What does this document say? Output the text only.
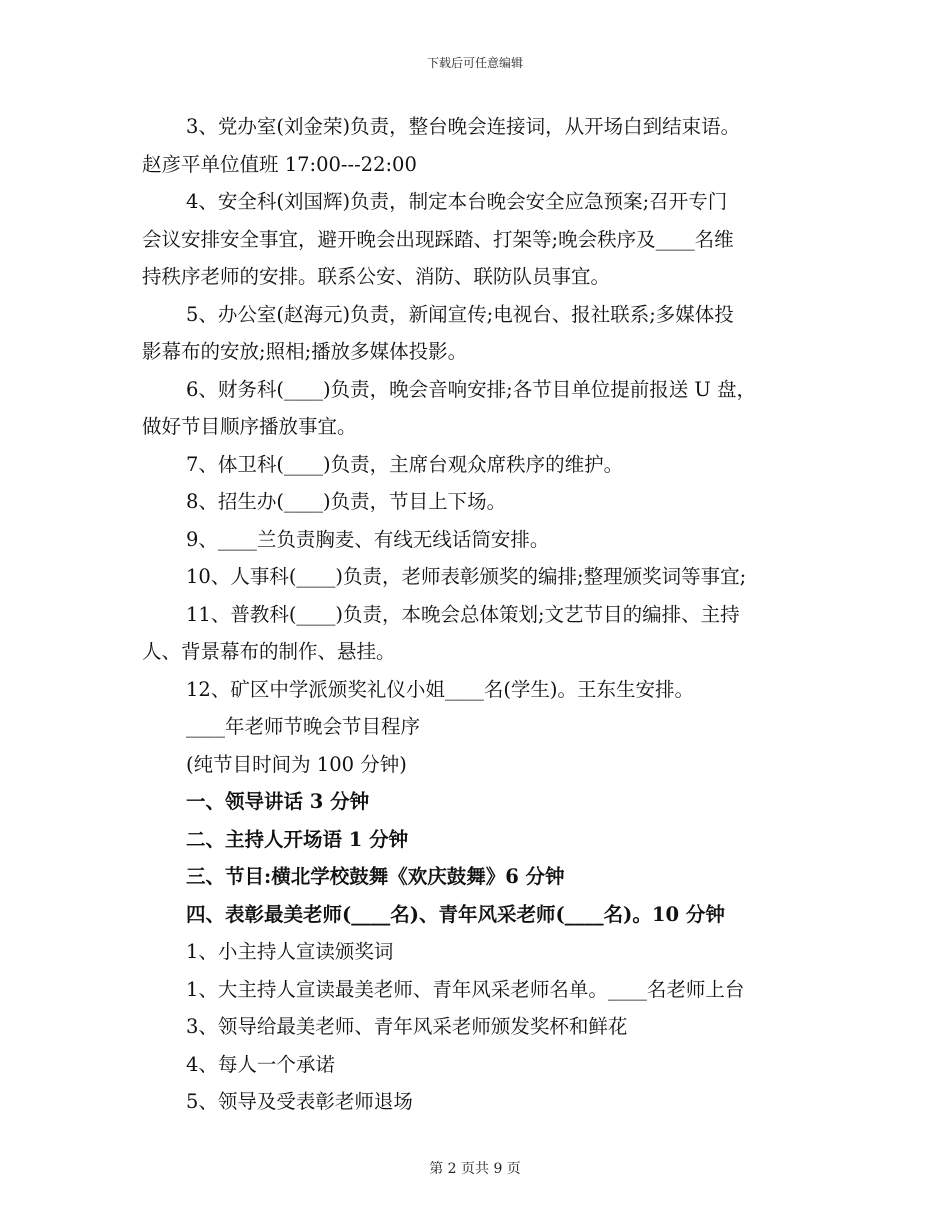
下载后可任意编辑
3、党办室(刘金荣)负责，整台晚会连接词，从开场白到结束语。
赵彦平单位值班 17:00---22:00
4、安全科(刘国辉)负责，制定本台晚会安全应急预案;召开专门
会议安排安全事宜，避开晚会出现踩踏、打架等;晚会秩序及____名维
持秩序老师的安排。联系公安、消防、联防队员事宜。
5、办公室(赵海元)负责，新闻宣传;电视台、报社联系;多媒体投
影幕布的安放;照相;播放多媒体投影。
6、财务科(____)负责，晚会音响安排;各节目单位提前报送 U 盘，
做好节目顺序播放事宜。
7、体卫科(____)负责，主席台观众席秩序的维护。
8、招生办(____)负责，节目上下场。
9、____兰负责胸麦、有线无线话筒安排。
10、人事科(____)负责，老师表彰颁奖的编排;整理颁奖词等事宜;
11、普教科(____)负责，本晚会总体策划;文艺节目的编排、主持
人、背景幕布的制作、悬挂。
12、矿区中学派颁奖礼仪小姐____名(学生)。王东生安排。
____年老师节晚会节目程序
(纯节目时间为 100 分钟)
一、领导讲话 3 分钟
二、主持人开场语 1 分钟
三、节目:横北学校鼓舞《欢庆鼓舞》6 分钟
四、表彰最美老师(____名)、青年风采老师(____名)。10 分钟
1、小主持人宣读颁奖词
1、大主持人宣读最美老师、青年风采老师名单。____名老师上台
3、领导给最美老师、青年风采老师颁发奖杯和鲜花
4、每人一个承诺
5、领导及受表彰老师退场
第 2 页共 9 页
